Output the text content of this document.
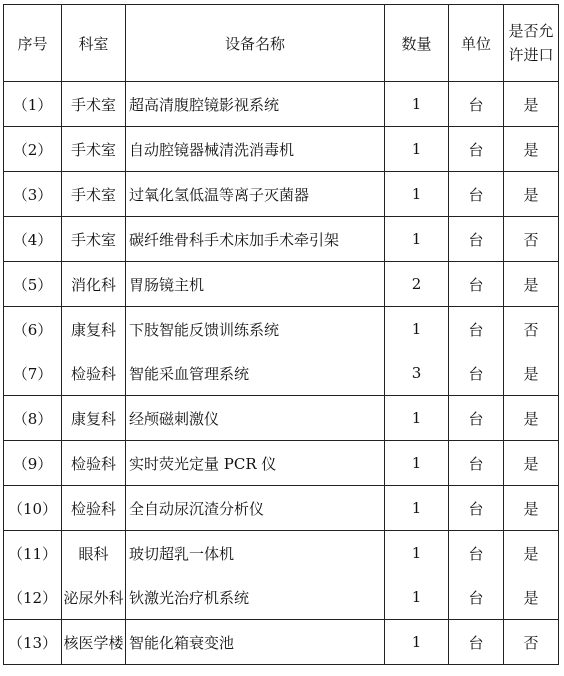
序号	科室	设备名称	数量	单位	是否允
许进口
（1）	手术室	超高清腹腔镜影视系统	1	台	是
（2）	手术室	自动腔镜器械清洗消毒机	1	台	是
（3）	手术室	过氧化氢低温等离子灭菌器	1	台	是
（4）	手术室	碳纤维骨科手术床加手术牵引架	1	台	否
（5）	消化科	胃肠镜主机	2	台	是
（6）	康复科	下肢智能反馈训练系统	1	台	否
（7）	检验科	智能采血管理系统	3	台	是
（8）	康复科	经颅磁刺激仪	1	台	是
（9）	检验科	实时荧光定量 PCR 仪	1	台	是
（10）	检验科	全自动尿沉渣分析仪	1	台	是
（11）	眼科	玻切超乳一体机	1	台	是
（12）	泌尿外科	钬激光治疗机系统	1	台	是
（13）	核医学楼	智能化箱衰变池	1	台	否
